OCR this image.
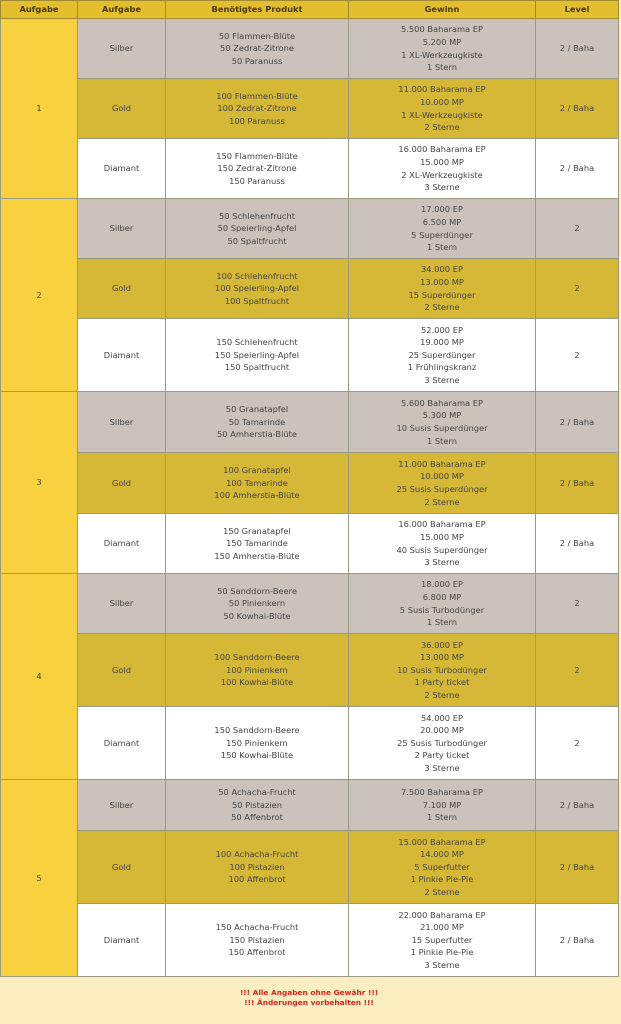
Aufgabe	Aufgabe	Benötigtes Produkt	Gewinn	Level
1	Silber	50 Flammen-Blüte
50 Zedrat-Zitrone
50 Paranuss	5.500 Baharama EP
5.200 MP
1 XL-Werkzeugkiste
1 Stern	2 / Baha
	Gold	100 Flammen-Blüte
100 Zedrat-Zitrone
100 Paranuss	11.000 Baharama EP
10.000 MP
1 XL-Werkzeugkiste
2 Sterne	2 / Baha
	Diamant	150 Flammen-Blüte
150 Zedrat-Zitrone
150 Paranuss	16.000 Baharama EP
15.000 MP
2 XL-Werkzeugkiste
3 Sterne	2 / Baha
2	Silber	50 Schlehenfrucht
50 Speierling-Apfel
50 Spaltfrucht	17.000 EP
6.500 MP
5 Superdünger
1 Stern	2
	Gold	100 Schlehenfrucht
100 Speierling-Apfel
100 Spaltfrucht	34.000 EP
13.000 MP
15 Superdünger
2 Sterne	2
	Diamant	150 Schlehenfrucht
150 Speierling-Apfel
150 Spaltfrucht	52.000 EP
19.000 MP
25 Superdünger
1 Frühlingskranz
3 Sterne	2
3	Silber	50 Granatapfel
50 Tamarinde
50 Amherstia-Blüte	5.600 Baharama EP
5.300 MP
10 Susis Superdünger
1 Stern	2 / Baha
	Gold	100 Granatapfel
100 Tamarinde
100 Amherstia-Blüte	11.000 Baharama EP
10.000 MP
25 Susis Superdünger
2 Sterne	2 / Baha
	Diamant	150 Granatapfel
150 Tamarinde
150 Amherstia-Blüte	16.000 Baharama EP
15.000 MP
40 Susis Superdünger
3 Sterne	2 / Baha
4	Silber	50 Sanddorn-Beere
50 Pinienkern
50 Kowhai-Blüte	18.000 EP
6.800 MP
5 Susis Turbodünger
1 Stern	2
	Gold	100 Sanddorn-Beere
100 Pinienkern
100 Kowhai-Blüte	36.000 EP
13.000 MP
10 Susis Turbodünger
1 Party ticket
2 Sterne	2
	Diamant	150 Sanddorn-Beere
150 Pinienkern
150 Kowhai-Blüte	54.000 EP
20.000 MP
25 Susis Turbodünger
2 Party ticket
3 Sterne	2
5	Silber	50 Achacha-Frucht
50 Pistazien
50 Affenbrot	7.500 Baharama EP
7.100 MP
1 Stern	2 / Baha
	Gold	100 Achacha-Frucht
100 Pistazien
100 Affenbrot	15.000 Baharama EP
14.000 MP
5 Superfutter
1 Pinkie Pie-Pie
2 Sterne	2 / Baha
	Diamant	150 Achacha-Frucht
150 Pistazien
150 Affenbrot	22.000 Baharama EP
21.000 MP
15 Superfutter
1 Pinkie Pie-Pie
3 Sterne	2 / Baha
!!! Alle Angaben ohne Gewähr !!!
!!! Änderungen vorbehalten !!!
